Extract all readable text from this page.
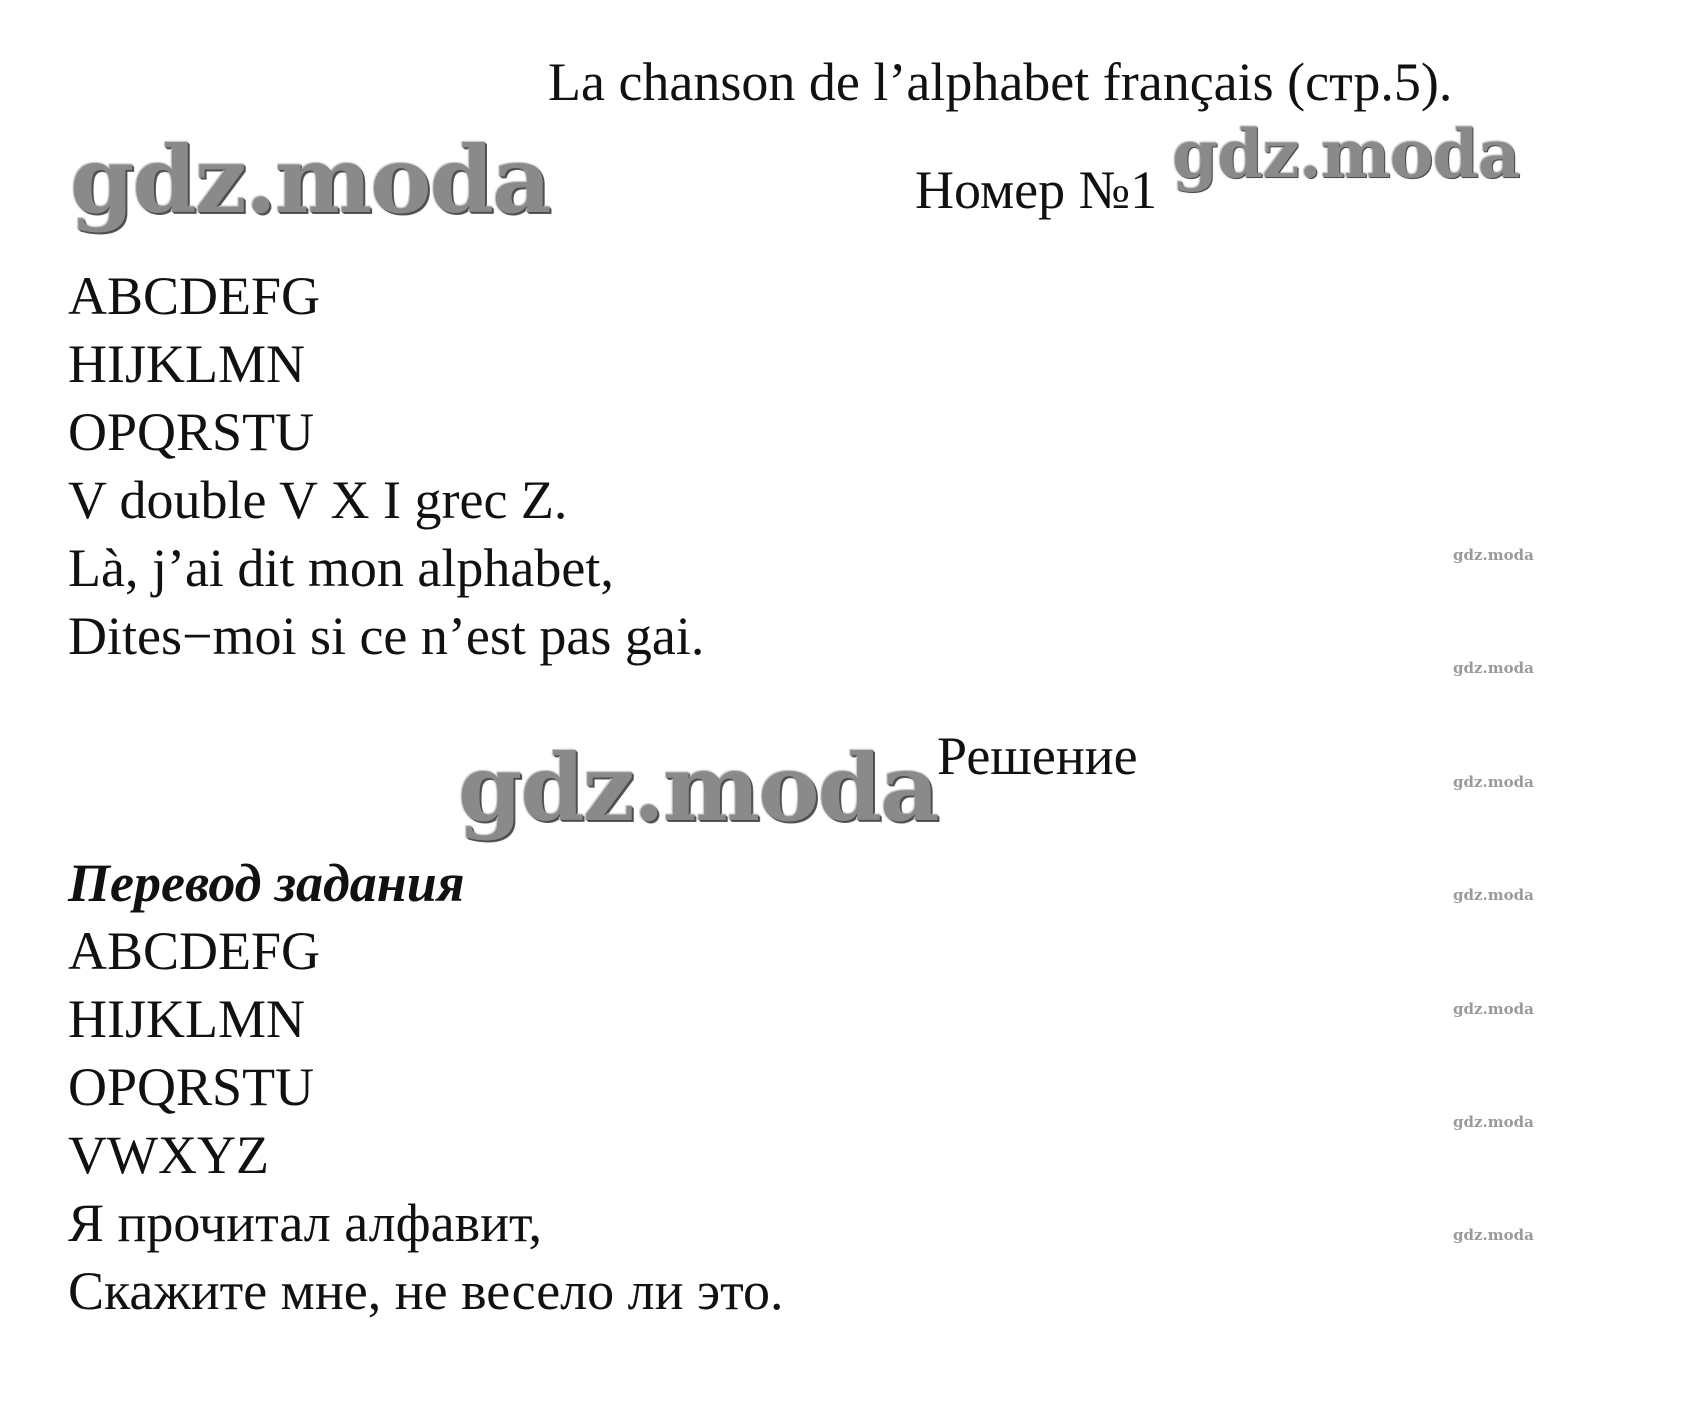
gdz.moda	gdz.moda
gdz.moda
La chanson de l’alphabet français (стр.5).
Номер №1
ABCDEFG
HIJKLMN
OPQRSTU
V double V X I grec Z.
Là, j’ai dit mon alphabet,
Dites−moi si ce n’est pas gai.
Решение
Перевод задания
ABCDEFG
HIJKLMN
OPQRSTU
VWXYZ
Я прочитал алфавит,
Скажите мне, не весело ли это.
gdz.moda
gdz.moda
gdz.moda
gdz.moda
gdz.moda
gdz.moda
gdz.moda
